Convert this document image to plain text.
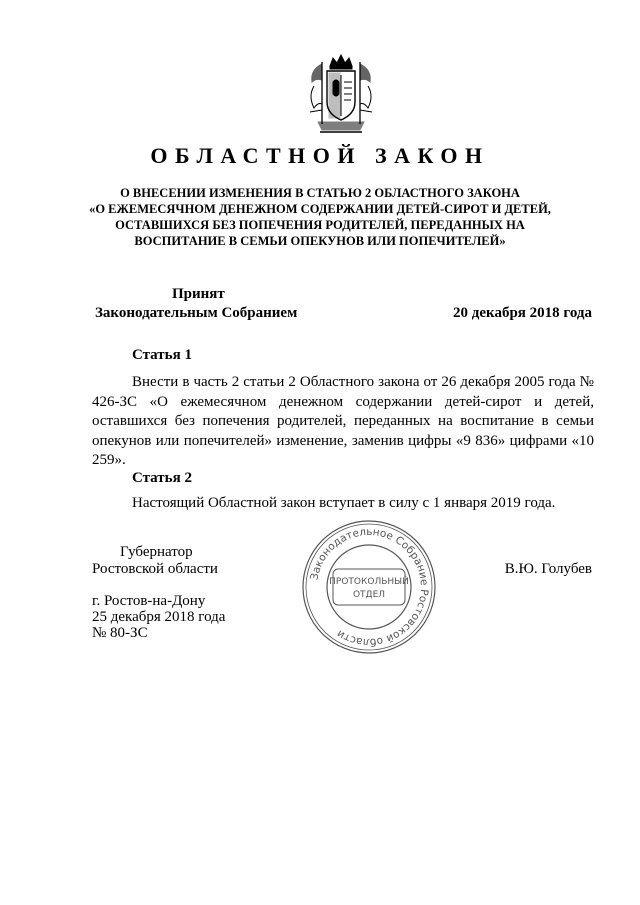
ОБЛАСТНОЙ ЗАКОН
О ВНЕСЕНИИ ИЗМЕНЕНИЯ В СТАТЬЮ 2 ОБЛАСТНОГО ЗАКОНА
«О ЕЖЕМЕСЯЧНОМ ДЕНЕЖНОМ СОДЕРЖАНИИ ДЕТЕЙ-СИРОТ И ДЕТЕЙ,
ОСТАВШИХСЯ БЕЗ ПОПЕЧЕНИЯ РОДИТЕЛЕЙ, ПЕРЕДАННЫХ НА
ВОСПИТАНИЕ В СЕМЬИ ОПЕКУНОВ ИЛИ ПОПЕЧИТЕЛЕЙ»
Принят
Законодательным Собранием	20 декабря 2018 года
Статья 1
Внести в часть 2 статьи 2 Областного закона от 26 декабря 2005 года № 426-ЗС «О ежемесячном денежном содержании детей-сирот и детей, оставшихся без попечения родителей, переданных на воспитание в семьи опекунов или попечителей» изменение, заменив цифры «9 836» цифрами «10 259».
Статья 2
Настоящий Областной закон вступает в силу с 1 января 2019 года.
Губернатор
Ростовской области	В.Ю. Голубев
Законодательное Собрание Ростовской области
ПРОТОКОЛЬНЫЙ
ОТДЕЛ
г. Ростов-на-Дону
25 декабря 2018 года
№ 80-ЗС
